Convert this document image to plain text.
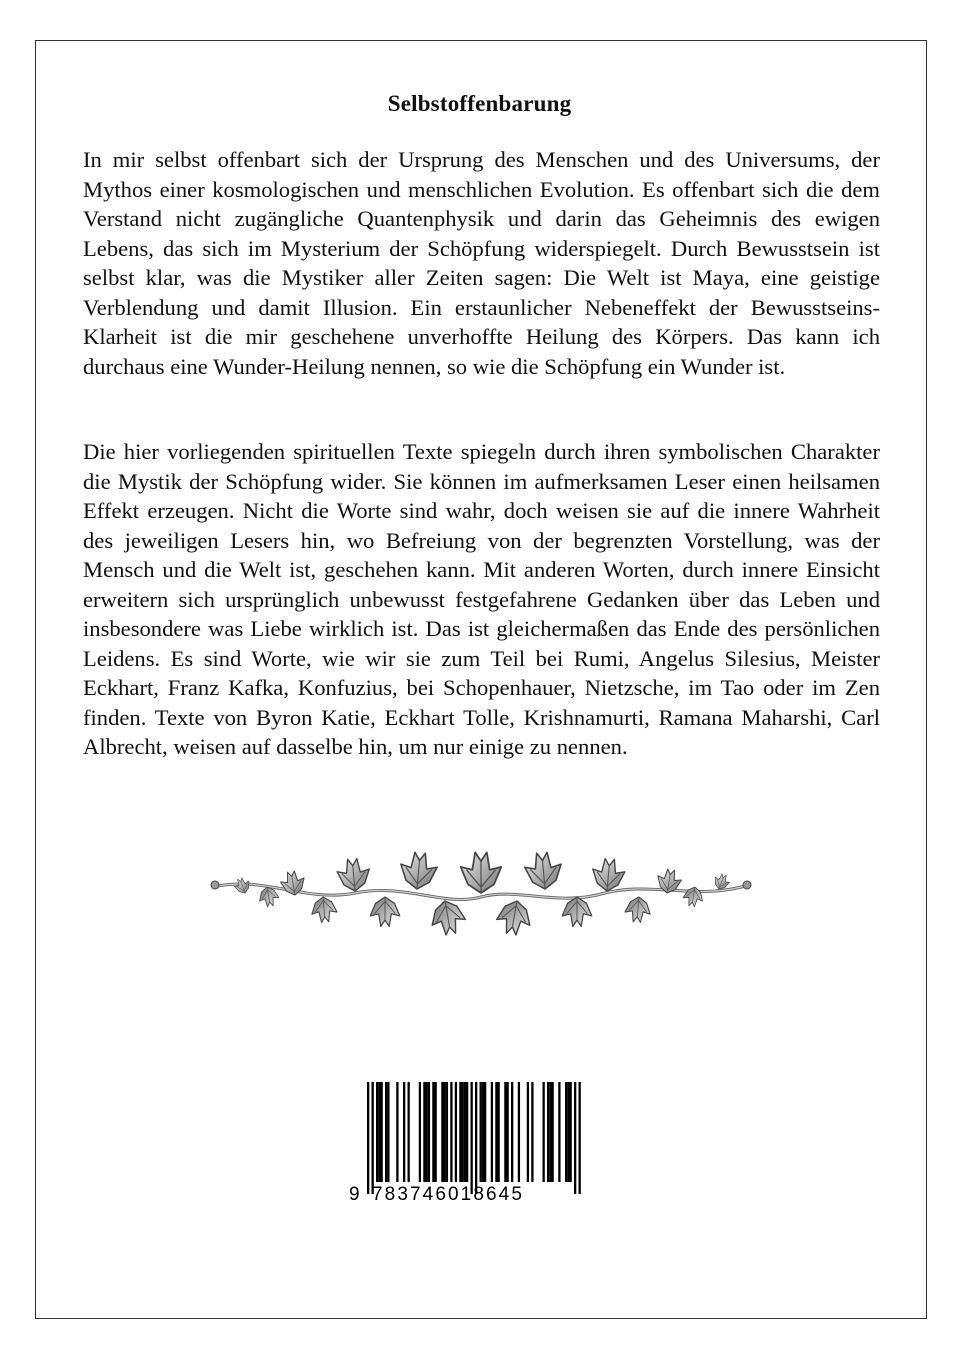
Selbstoffenbarung

In mir selbst offenbart sich der Ursprung des Menschen und des Universums, der Mythos einer kosmologischen und menschlichen Evolution. Es offenbart sich die dem Verstand nicht zugängliche Quantenphysik und darin das Geheimnis des ewigen Lebens, das sich im Mysterium der Schöpfung widerspiegelt. Durch Bewusstsein ist selbst klar, was die Mystiker aller Zeiten sagen: Die Welt ist Maya, eine geistige Verblendung und damit Illusion. Ein erstaunlicher Nebeneffekt der Bewusstseins-Klarheit ist die mir geschehene unverhoffte Heilung des Körpers. Das kann ich durchaus eine Wunder-Heilung nennen, so wie die Schöpfung ein Wunder ist.

Die hier vorliegenden spirituellen Texte spiegeln durch ihren symbolischen Charakter die Mystik der Schöpfung wider. Sie können im aufmerksamen Leser einen heilsamen Effekt erzeugen. Nicht die Worte sind wahr, doch weisen sie auf die innere Wahrheit des jeweiligen Lesers hin, wo Befreiung von der begrenzten Vorstellung, was der Mensch und die Welt ist, geschehen kann. Mit anderen Worten, durch innere Einsicht erweitern sich ursprünglich unbewusst festgefahrene Gedanken über das Leben und insbesondere was Liebe wirklich ist. Das ist gleichermaßen das Ende des persönlichen Leidens. Es sind Worte, wie wir sie zum Teil bei Rumi, Angelus Silesius, Meister Eckhart, Franz Kafka, Konfuzius, bei Schopenhauer, Nietzsche, im Tao oder im Zen finden. Texte von Byron Katie, Eckhart Tolle, Krishnamurti, Ramana Maharshi, Carl Albrecht, weisen auf dasselbe hin, um nur einige zu nennen.

9 783746018645
